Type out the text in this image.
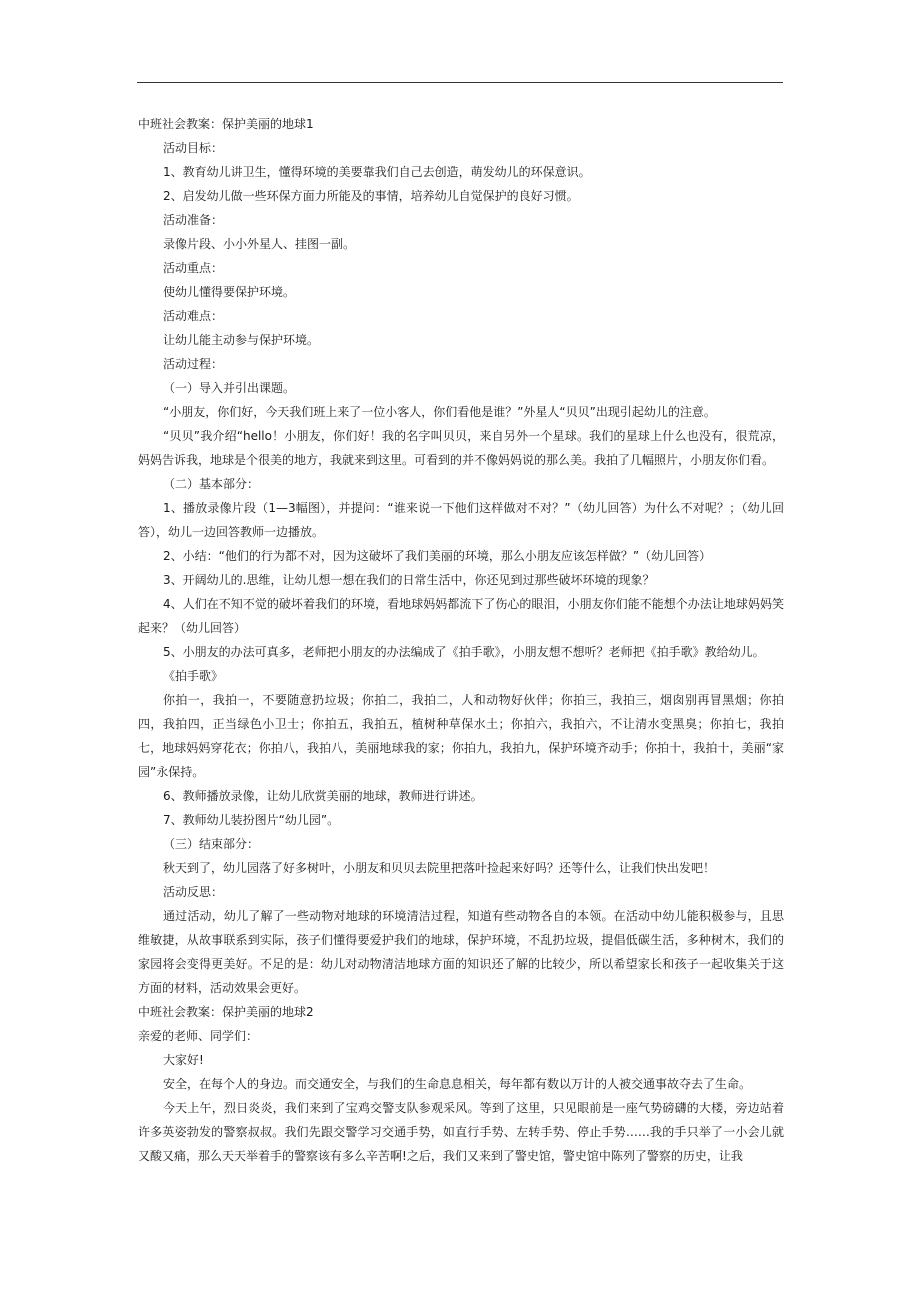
中班社会教案：保护美丽的地球1

活动目标：

1、教育幼儿讲卫生，懂得环境的美要靠我们自己去创造，萌发幼儿的环保意识。

2、启发幼儿做一些环保方面力所能及的事情，培养幼儿自觉保护的良好习惯。

活动准备：

录像片段、小小外星人、挂图一副。

活动重点：

使幼儿懂得要保护环境。

活动难点：

让幼儿能主动参与保护环境。

活动过程：

（一）导入并引出课题。

“小朋友，你们好，今天我们班上来了一位小客人，你们看他是谁？”外星人“贝贝”出现引起幼儿的注意。

“贝贝”我介绍“hello！小朋友，你们好！我的名字叫贝贝，来自另外一个星球。我们的星球上什么也没有，很荒凉，妈妈告诉我，地球是个很美的地方，我就来到这里。可看到的并不像妈妈说的那么美。我拍了几幅照片，小朋友你们看。

（二）基本部分：

1、播放录像片段（1—3幅图），并提问：“谁来说一下他们这样做对不对？”（幼儿回答）为什么不对呢？；（幼儿回答），幼儿一边回答教师一边播放。

2、小结：“他们的行为都不对，因为这破坏了我们美丽的环境，那么小朋友应该怎样做？”（幼儿回答）

3、开阔幼儿的.思维，让幼儿想一想在我们的日常生活中，你还见到过那些破坏环境的现象？

4、人们在不知不觉的破坏着我们的环境，看地球妈妈都流下了伤心的眼泪，小朋友你们能不能想个办法让地球妈妈笑起来？（幼儿回答）

5、小朋友的办法可真多，老师把小朋友的办法编成了《拍手歌》，小朋友想不想听？老师把《拍手歌》教给幼儿。

《拍手歌》

你拍一，我拍一，不要随意扔垃圾；你拍二，我拍二，人和动物好伙伴；你拍三，我拍三，烟囱别再冒黑烟；你拍四，我拍四，正当绿色小卫士；你拍五，我拍五，植树种草保水土；你拍六，我拍六，不让清水变黑臭；你拍七，我拍七，地球妈妈穿花衣；你拍八，我拍八，美丽地球我的家；你拍九，我拍九，保护环境齐动手；你拍十，我拍十，美丽“家园”永保持。

6、教师播放录像，让幼儿欣赏美丽的地球，教师进行讲述。

7、教师幼儿装扮图片“幼儿园”。

（三）结束部分：

秋天到了，幼儿园落了好多树叶，小朋友和贝贝去院里把落叶捡起来好吗？还等什么，让我们快出发吧！

活动反思：

通过活动，幼儿了解了一些动物对地球的环境清洁过程，知道有些动物各自的本领。在活动中幼儿能积极参与，且思维敏捷，从故事联系到实际，孩子们懂得要爱护我们的地球，保护环境，不乱扔垃圾，提倡低碳生活，多种树木，我们的家园将会变得更美好。不足的是：幼儿对动物清洁地球方面的知识还了解的比较少，所以希望家长和孩子一起收集关于这方面的材料，活动效果会更好。

中班社会教案：保护美丽的地球2

亲爱的老师、同学们：

大家好!

安全，在每个人的身边。而交通安全，与我们的生命息息相关，每年都有数以万计的人被交通事故夺去了生命。

今天上午，烈日炎炎，我们来到了宝鸡交警支队参观采风。等到了这里，只见眼前是一座气势磅礴的大楼，旁边站着许多英姿勃发的警察叔叔。我们先跟交警学习交通手势，如直行手势、左转手势、停止手势……我的手只举了一小会儿就又酸又痛，那么天天举着手的警察该有多么辛苦啊!之后，我们又来到了警史馆，警史馆中陈列了警察的历史，让我
